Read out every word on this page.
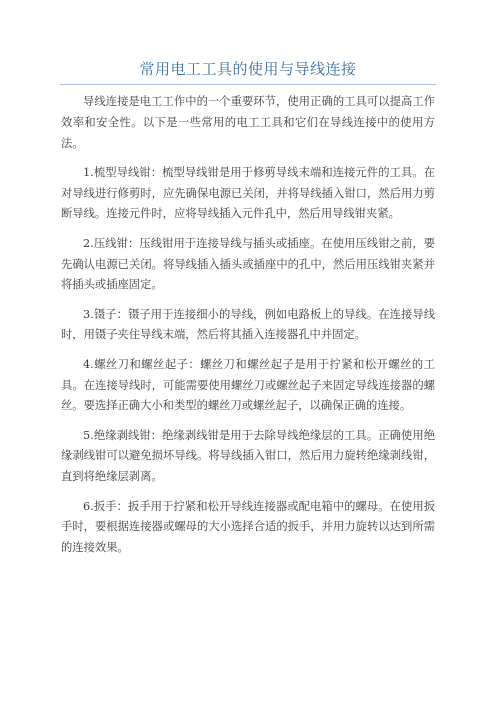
常用电工工具的使用与导线连接

导线连接是电工工作中的一个重要环节，使用正确的工具可以提高工作效率和安全性。以下是一些常用的电工工具和它们在导线连接中的使用方法。

1.梳型导线钳：梳型导线钳是用于修剪导线末端和连接元件的工具。在对导线进行修剪时，应先确保电源已关闭，并将导线插入钳口，然后用力剪断导线。连接元件时，应将导线插入元件孔中，然后用导线钳夹紧。

2.压线钳：压线钳用于连接导线与插头或插座。在使用压线钳之前，要先确认电源已关闭。将导线插入插头或插座中的孔中，然后用压线钳夹紧并将插头或插座固定。

3.镊子：镊子用于连接细小的导线，例如电路板上的导线。在连接导线时，用镊子夹住导线末端，然后将其插入连接器孔中并固定。

4.螺丝刀和螺丝起子：螺丝刀和螺丝起子是用于拧紧和松开螺丝的工具。在连接导线时，可能需要使用螺丝刀或螺丝起子来固定导线连接器的螺丝。要选择正确大小和类型的螺丝刀或螺丝起子，以确保正确的连接。

5.绝缘剥线钳：绝缘剥线钳是用于去除导线绝缘层的工具。正确使用绝缘剥线钳可以避免损坏导线。将导线插入钳口，然后用力旋转绝缘剥线钳，直到将绝缘层剥离。

6.扳手：扳手用于拧紧和松开导线连接器或配电箱中的螺母。在使用扳手时，要根据连接器或螺母的大小选择合适的扳手，并用力旋转以达到所需的连接效果。
